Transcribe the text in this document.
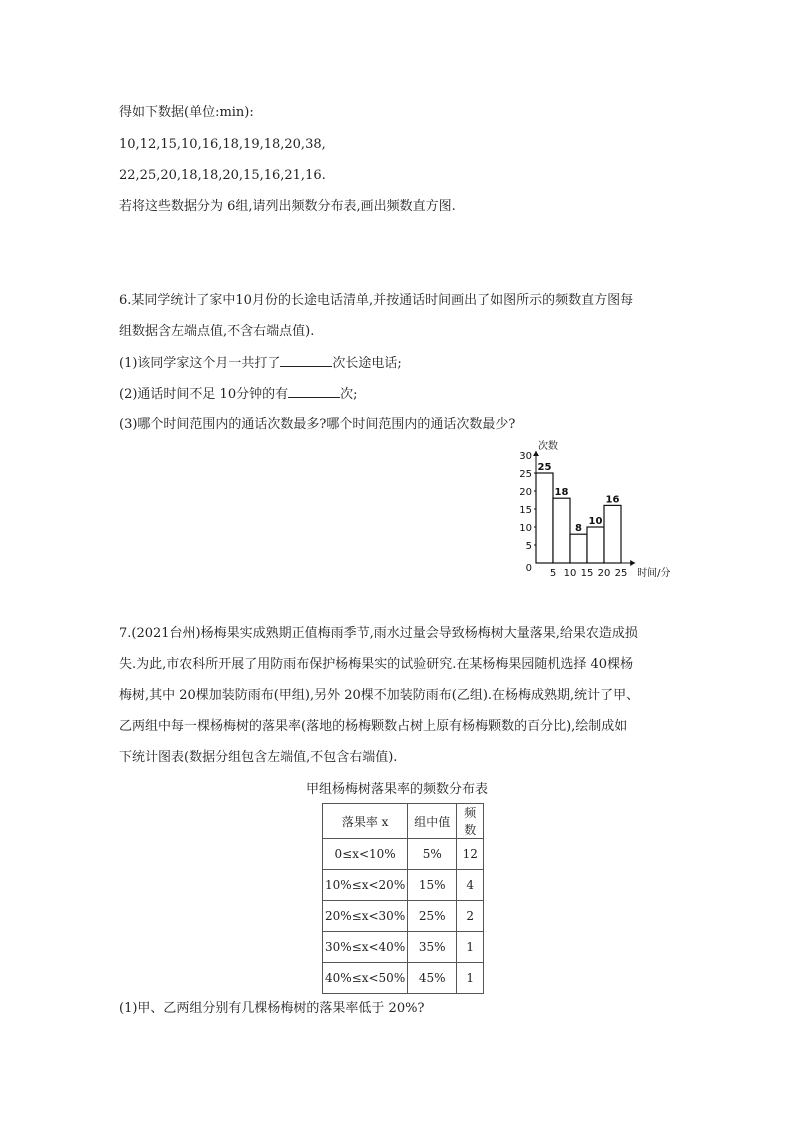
得如下数据(单位:min):
10,12,15,10,16,18,19,18,20,38,
22,25,20,18,18,20,15,16,21,16.
若将这些数据分为 6组,请列出频数分布表,画出频数直方图.
6.某同学统计了家中10月份的长途电话清单,并按通话时间画出了如图所示的频数直方图每
组数据含左端点值,不含右端点值).
(1)该同学家这个月一共打了	次长途电话;
(2)通话时间不足 10分钟的有	次;
(3)哪个时间范围内的通话次数最多?哪个时间范围内的通话次数最少?
25
18
8
10
16
0
5
10
15
20
25
30
5 10 15 20 25
次数
时间/分
7.(2021台州)杨梅果实成熟期正值梅雨季节,雨水过量会导致杨梅树大量落果,给果农造成损
失.为此,市农科所开展了用防雨布保护杨梅果实的试验研究.在某杨梅果园随机选择 40棵杨
梅树,其中 20棵加装防雨布(甲组),另外 20棵不加装防雨布(乙组).在杨梅成熟期,统计了甲、
乙两组中每一棵杨梅树的落果率(落地的杨梅颗数占树上原有杨梅颗数的百分比),绘制成如
下统计图表(数据分组包含左端值,不包含右端值).
甲组杨梅树落果率的频数分布表
落果率 x	组中值	频数
0≤x<10%	5%	12
10%≤x<20%	15%	4
20%≤x<30%	25%	2
30%≤x<40%	35%	1
40%≤x<50%	45%	1
(1)甲、乙两组分别有几棵杨梅树的落果率低于 20%?
